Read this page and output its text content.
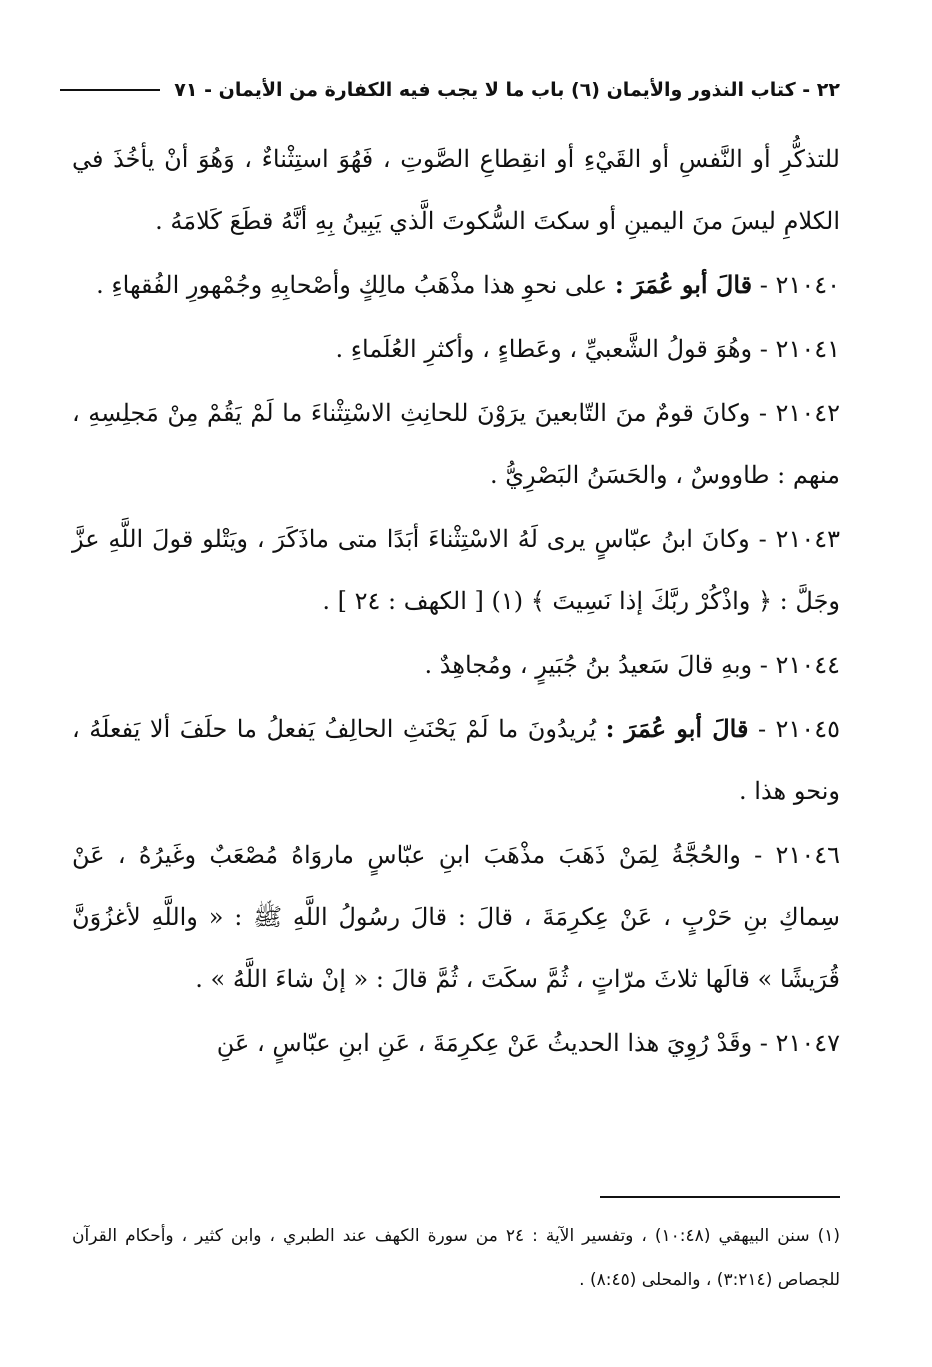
٢٢ - كتاب النذور والأيمان (٦) باب ما لا يجب فيه الكفارة من الأيمان - ٧١

للتذكُّرِ أو النَّفسِ أو القَيْءِ أو انقِطاعِ الصَّوتِ ، فَهُوَ استِثْناءٌ ، وَهُوَ أنْ يأخُذَ في الكلامِ ليسَ منَ اليمينِ أو سكتَ السُّكوتَ الَّذي يَبِينُ بِهِ أنَّهُ قطَعَ كَلامَهُ .

٢١٠٤٠ - قالَ أبو عُمَرَ : على نحوِ هذا مذْهَبُ مالِكٍ وأصْحابِهِ وجُمْهورِ الفُقهاءِ .

٢١٠٤١ - وهُوَ قولُ الشَّعبيِّ ، وعَطاءٍ ، وأكثرِ العُلَماءِ .

٢١٠٤٢ - وكانَ قومٌ منَ التّابعينَ يرَوْنَ للحانِثِ الاسْتِثْناءَ ما لَمْ يَقُمْ مِنْ مَجلِسِهِ ، منهم : طاووسٌ ، والحَسَنُ البَصْرِيُّ .

٢١٠٤٣ - وكانَ ابنُ عبّاسٍ يرى لَهُ الاسْتِثْناءَ أبَدًا متى ماذَكَرَ ، ويَتْلو قولَ اللَّهِ عزَّ وجَلَّ : ﴿ واذْكُرْ ربَّكَ إذا نَسِيتَ ﴾ (١) [ الكهف : ٢٤ ] .

٢١٠٤٤ - وبهِ قالَ سَعيدُ بنُ جُبَيرٍ ، ومُجاهِدٌ .

٢١٠٤٥ - قالَ أبو عُمَرَ : يُريدُونَ ما لَمْ يَحْنَثِ الحالِفُ يَفعلُ ما حلَفَ ألا يَفعلَهُ ، ونحو هذا .

٢١٠٤٦ - والحُجَّةُ لِمَنْ ذَهَبَ مذْهَبَ ابنِ عبّاسٍ ماروَاهُ مُصْعَبٌ وغَيرُهُ ، عَنْ سِماكِ بنِ حَرْبٍ ، عَنْ عِكرِمَةَ ، قالَ : قالَ رسُولُ اللَّهِ ﷺ : « واللَّهِ لأغزُوَنَّ قُرَيشًا » قالَها ثلاثَ مرّاتٍ ، ثُمَّ سكَتَ ، ثُمَّ قالَ : « إنْ شاءَ اللَّهُ » .

٢١٠٤٧ - وقَدْ رُوِيَ هذا الحديثُ عَنْ عِكرِمَةَ ، عَنِ ابنِ عبّاسٍ ، عَنِ

(١) سنن البيهقي (١٠:٤٨) ، وتفسير الآية : ٢٤ من سورة الكهف عند الطبري ، وابن كثير ، وأحكام القرآن للجصاص (٣:٢١٤) ، والمحلى (٨:٤٥) .
